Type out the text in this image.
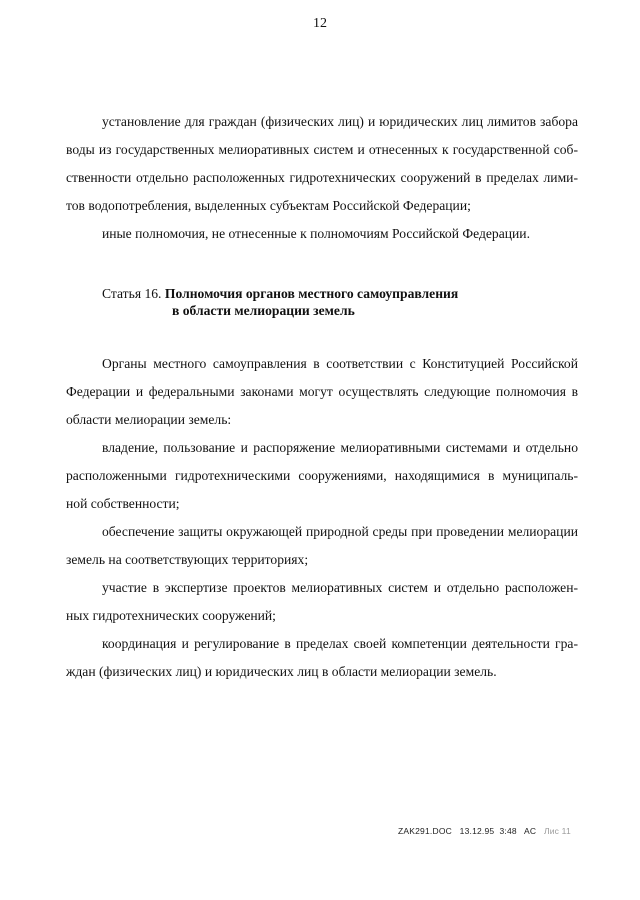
12

установление для граждан (физических лиц) и юридических лиц лимитов забора
воды из государственных мелиоративных систем и отнесенных к государственной соб-
ственности отдельно расположенных гидротехнических сооружений в пределах лими-
тов водопотребления, выделенных субъектам Российской Федерации;

иные полномочия, не отнесенные к полномочиям Российской Федерации.

Статья 16. Полномочия органов местного самоуправления
в области мелиорации земель

Органы местного самоуправления в соответствии с Конституцией Российской
Федерации и федеральными законами могут осуществлять следующие полномочия в
области мелиорации земель:

владение, пользование и распоряжение мелиоративными системами и отдельно
расположенными гидротехническими сооружениями, находящимися в муниципаль-
ной собственности;

обеспечение защиты окружающей природной среды при проведении мелиорации
земель на соответствующих территориях;

участие в экспертизе проектов мелиоративных систем и отдельно расположен-
ных гидротехнических сооружений;

координация и регулирование в пределах своей компетенции деятельности гра-
ждан (физических лиц) и юридических лиц в области мелиорации земель.

ZAK291.DOC 13.12.95 3:48 AC Лис 11
